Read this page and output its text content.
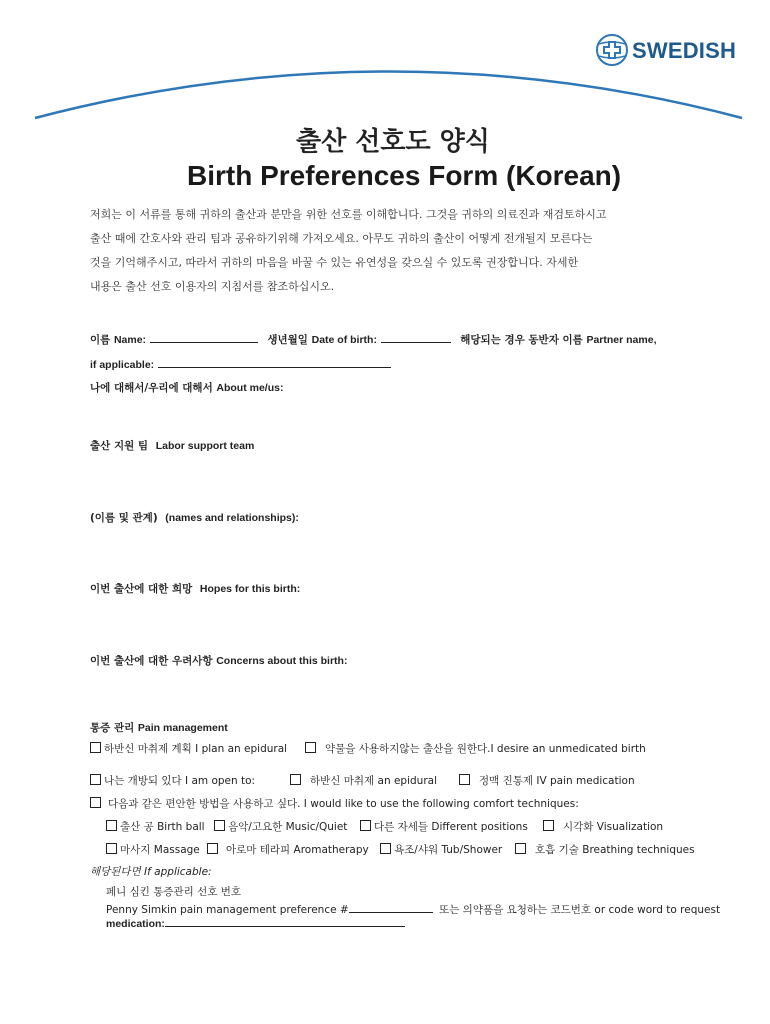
SWEDISH
출산 선호도 양식
Birth Preferences Form (Korean)
저희는 이 서류를 통해 귀하의 출산과 분만을 위한 선호를 이해합니다. 그것을 귀하의 의료진과 재검토하시고
출산 때에 간호사와 관리 팀과 공유하기위해 가져오세요. 아무도 귀하의 출산이 어떻게 전개될지 모른다는
것을 기억해주시고, 따라서 귀하의 마음을 바꿀 수 있는 유연성을 갖으실 수 있도록 권장합니다. 자세한
내용은 출산 선호 이용자의 지침서를 참조하십시오.
이름 Name:	생년월일 Date of birth:	해당되는 경우 동반자 이름 Partner name,
if applicable:
나에 대해서/우리에 대해서 About me/us:
출산 지원 팀 Labor support team
(이름 및 관계) (names and relationships):
이번 출산에 대한 희망 Hopes for this birth:
이번 출산에 대한 우려사항 Concerns about this birth:
통증 관리 Pain management
하반신 마취제 계획 I plan an epidural	약물을 사용하지않는 출산을 원한다.I desire an unmedicated birth
나는 개방되 있다 I am open to:	하반신 마취제 an epidural	정맥 진통제 IV pain medication
다음과 같은 편안한 방법을 사용하고 싶다. I would like to use the following comfort techniques:
출산 공 Birth ball	음악/고요한 Music/Quiet	다른 자세들 Different positions	시각화 Visualization
마사지 Massage	아로마 테라피 Aromatherapy	욕조/샤워 Tub/Shower	호흡 기술 Breathing techniques
해당된다면 If applicable:
페니 심킨 통증관리 선호 번호
Penny Simkin pain management preference #	또는 의약품을 요청하는 코드번호 or code word to request
medication:
